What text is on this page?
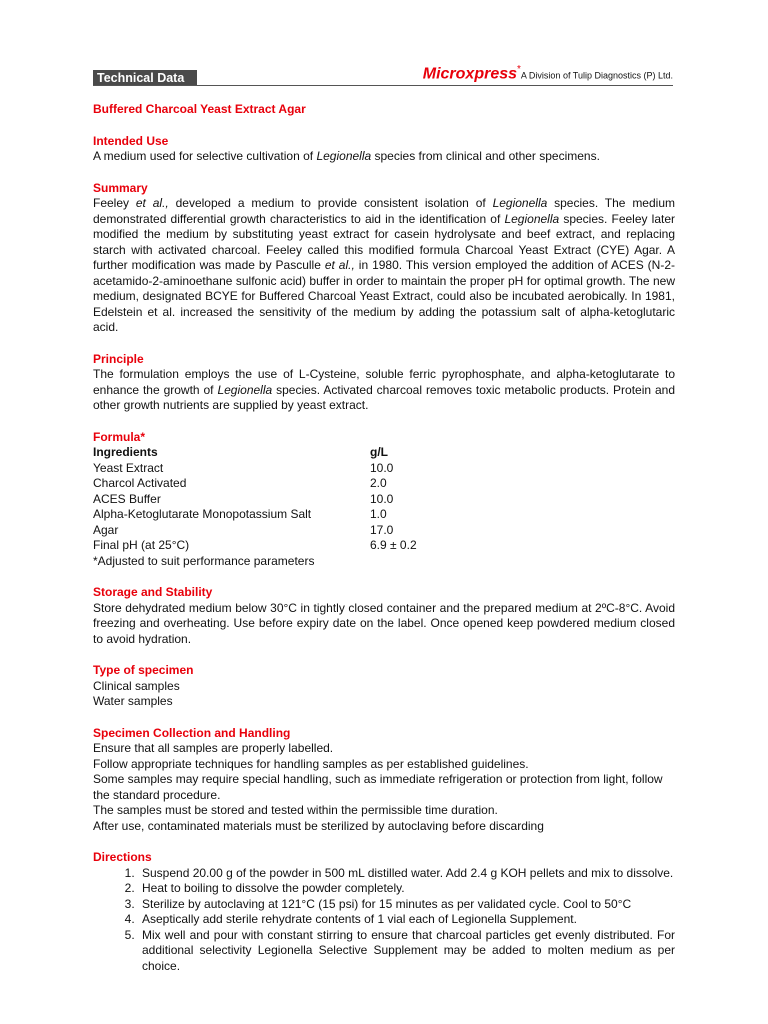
Technical Data	Microxpress*A Division of Tulip Diagnostics (P) Ltd.

Buffered Charcoal Yeast Extract Agar

Intended Use

A medium used for selective cultivation of Legionella species from clinical and other specimens.

Summary

Feeley et al., developed a medium to provide consistent isolation of Legionella species. The medium demonstrated differential growth characteristics to aid in the identification of Legionella species. Feeley later modified the medium by substituting yeast extract for casein hydrolysate and beef extract, and replacing starch with activated charcoal. Feeley called this modified formula Charcoal Yeast Extract (CYE) Agar. A further modification was made by Pasculle et al., in 1980. This version employed the addition of ACES (N-2-acetamido-2-aminoethane sulfonic acid) buffer in order to maintain the proper pH for optimal growth. The new medium, designated BCYE for Buffered Charcoal Yeast Extract, could also be incubated aerobically. In 1981, Edelstein et al. increased the sensitivity of the medium by adding the potassium salt of alpha-ketoglutaric acid.

Principle

The formulation employs the use of L-Cysteine, soluble ferric pyrophosphate, and alpha-ketoglutarate to enhance the growth of Legionella species. Activated charcoal removes toxic metabolic products. Protein and other growth nutrients are supplied by yeast extract.

Formula*

Ingredients	g/L
Yeast Extract	10.0
Charcol Activated	2.0
ACES Buffer	10.0
Alpha-Ketoglutarate Monopotassium Salt	1.0
Agar	17.0
Final pH (at 25°C)	6.9 ± 0.2

*Adjusted to suit performance parameters

Storage and Stability

Store dehydrated medium below 30°C in tightly closed container and the prepared medium at 2ºC-8°C. Avoid freezing and overheating. Use before expiry date on the label. Once opened keep powdered medium closed to avoid hydration.

Type of specimen

Clinical samples

Water samples

Specimen Collection and Handling

Ensure that all samples are properly labelled.

Follow appropriate techniques for handling samples as per established guidelines.

Some samples may require special handling, such as immediate refrigeration or protection from light, follow the standard procedure.

The samples must be stored and tested within the permissible time duration.

After use, contaminated materials must be sterilized by autoclaving before discarding

Directions

1. Suspend 20.00 g of the powder in 500 mL distilled water. Add 2.4 g KOH pellets and mix to dissolve.
2. Heat to boiling to dissolve the powder completely.
3. Sterilize by autoclaving at 121°C (15 psi) for 15 minutes as per validated cycle. Cool to 50°C
4. Aseptically add sterile rehydrate contents of 1 vial each of Legionella Supplement.
5. Mix well and pour with constant stirring to ensure that charcoal particles get evenly distributed. For additional selectivity Legionella Selective Supplement may be added to molten medium as per choice.
